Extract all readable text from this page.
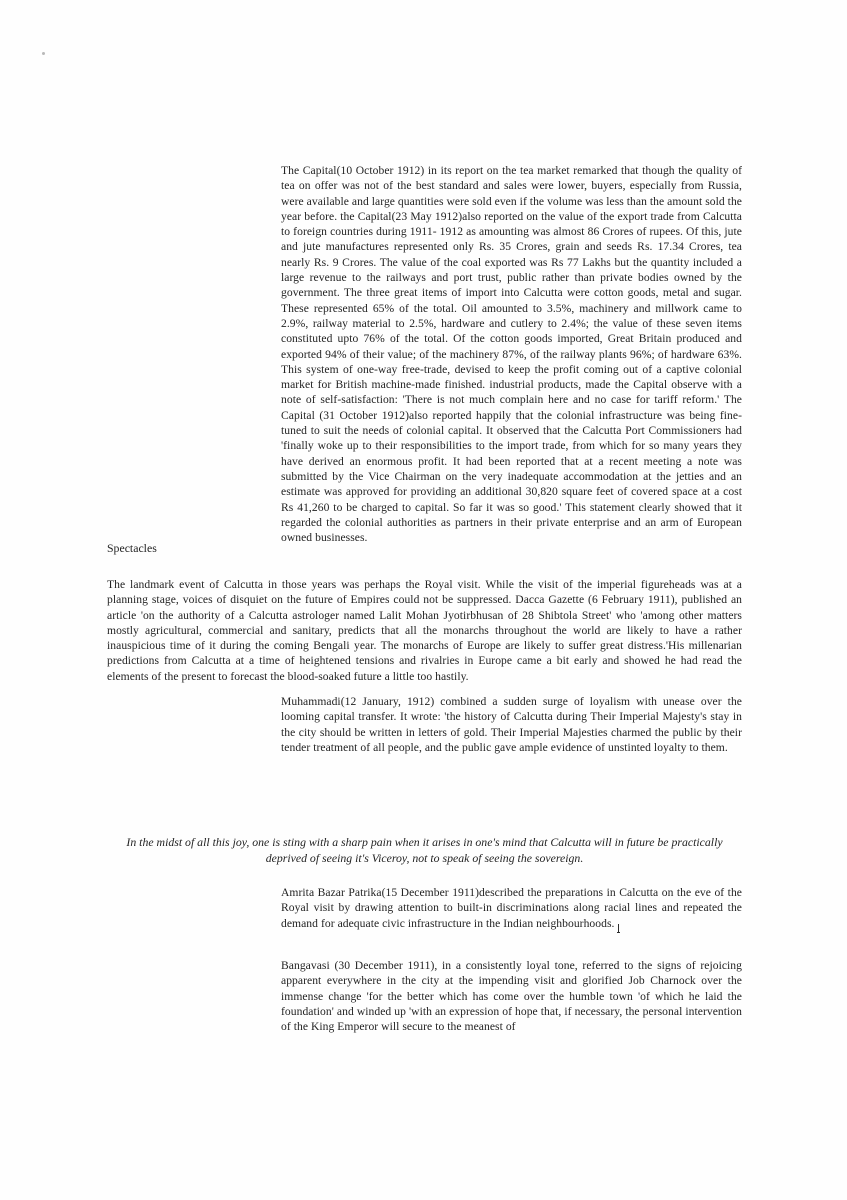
The Capital(10 October 1912) in its report on the tea market remarked that though the quality of tea on offer was not of the best standard and sales were lower, buyers, especially from Russia, were available and large quantities were sold even if the volume was less than the amount sold the year before. the Capital(23 May 1912)also reported on the value of the export trade from Calcutta to foreign countries during 1911- 1912 as amounting was almost 86 Crores of rupees. Of this, jute and jute manufactures represented only Rs. 35 Crores, grain and seeds Rs. 17.34 Crores, tea nearly Rs. 9 Crores. The value of the coal exported was Rs 77 Lakhs but the quantity included a large revenue to the railways and port trust, public rather than private bodies owned by the government. The three great items of import into Calcutta were cotton goods, metal and sugar. These represented 65% of the total. Oil amounted to 3.5%, machinery and millwork came to 2.9%, railway material to 2.5%, hardware and cutlery to 2.4%; the value of these seven items constituted upto 76% of the total. Of the cotton goods imported, Great Britain produced and exported 94% of their value; of the machinery 87%, of the railway plants 96%; of hardware 63%. This system of one-way free-trade, devised to keep the profit coming out of a captive colonial market for British machine-made finished. industrial products, made the Capital observe with a note of self-satisfaction: 'There is not much complain here and no case for tariff reform.' The Capital (31 October 1912)also reported happily that the colonial infrastructure was being fine-tuned to suit the needs of colonial capital. It observed that the Calcutta Port Commissioners had 'finally woke up to their responsibilities to the import trade, from which for so many years they have derived an enormous profit. It had been reported that at a recent meeting a note was submitted by the Vice Chairman on the very inadequate accommodation at the jetties and an estimate was approved for providing an additional 30,820 square feet of covered space at a cost Rs 41,260 to be charged to capital. So far it was so good.' This statement clearly showed that it regarded the colonial authorities as partners in their private enterprise and an arm of European owned businesses.
Spectacles
The landmark event of Calcutta in those years was perhaps the Royal visit. While the visit of the imperial figureheads was at a planning stage, voices of disquiet on the future of Empires could not be suppressed. Dacca Gazette (6 February 1911), published an article 'on the authority of a Calcutta astrologer named Lalit Mohan Jyotirbhusan of 28 Shibtola Street' who 'among other matters mostly agricultural, commercial and sanitary, predicts that all the monarchs throughout the world are likely to have a rather inauspicious time of it during the coming Bengali year. The monarchs of Europe are likely to suffer great distress.'His millenarian predictions from Calcutta at a time of heightened tensions and rivalries in Europe came a bit early and showed he had read the elements of the present to forecast the blood-soaked future a little too hastily.
Muhammadi(12 January, 1912) combined a sudden surge of loyalism with unease over the looming capital transfer. It wrote: 'the history of Calcutta during Their Imperial Majesty's stay in the city should be written in letters of gold. Their Imperial Majesties charmed the public by their tender treatment of all people, and the public gave ample evidence of unstinted loyalty to them.
In the midst of all this joy, one is sting with a sharp pain when it arises in one's mind that Calcutta will in future be practically deprived of seeing it's Viceroy, not to speak of seeing the sovereign.
Amrita Bazar Patrika(15 December 1911)described the preparations in Calcutta on the eve of the Royal visit by drawing attention to built-in discriminations along racial lines and repeated the demand for adequate civic infrastructure in the Indian neighbourhoods.
Bangavasi (30 December 1911), in a consistently loyal tone, referred to the signs of rejoicing apparent everywhere in the city at the impending visit and glorified Job Charnock over the immense change 'for the better which has come over the humble town 'of which he laid the foundation' and winded up 'with an expression of hope that, if necessary, the personal intervention of the King Emperor will secure to the meanest of
